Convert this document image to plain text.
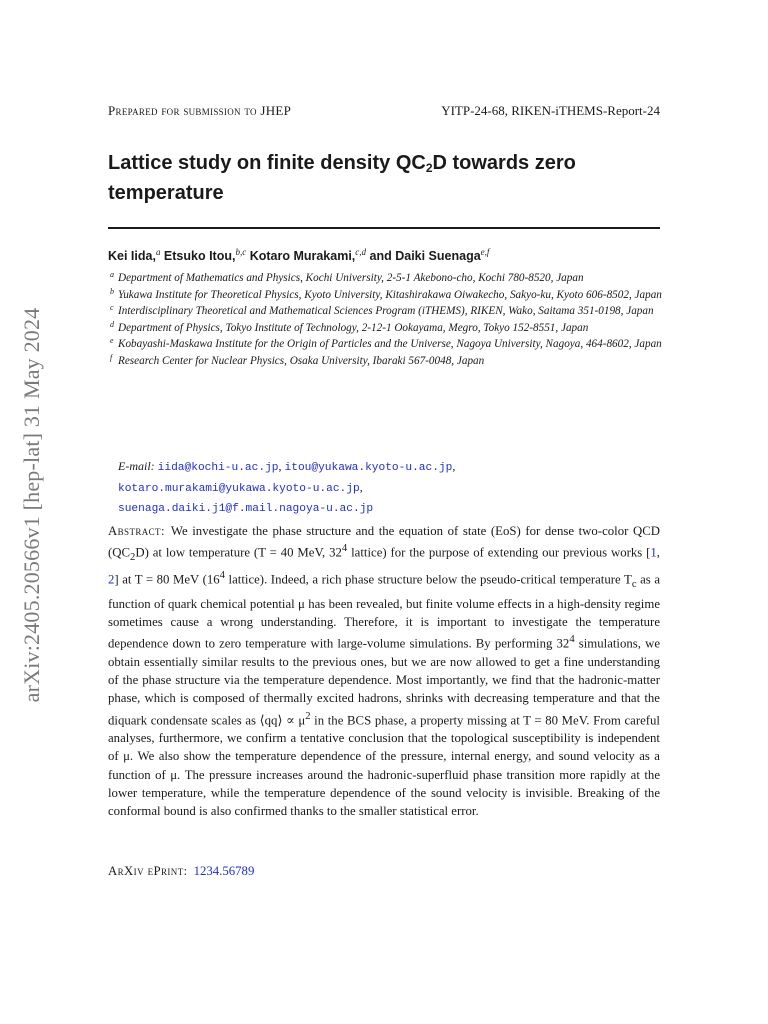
arXiv:2405.20566v1 [hep-lat] 31 May 2024
Prepared for submission to JHEP	YITP-24-68, RIKEN-iTHEMS-Report-24
Lattice study on finite density $QC_2D$ towards zero temperature
Kei Iida,$^a$ Etsuko Itou,$^{b,c}$ Kotaro Murakami,$^{c,d}$ and Daiki Suenaga$^{e,f}$
a Department of Mathematics and Physics, Kochi University, 2-5-1 Akebono-cho, Kochi 780-8520, Japan
b Yukawa Institute for Theoretical Physics, Kyoto University, Kitashirakawa Oiwakecho, Sakyo-ku, Kyoto 606-8502, Japan
c Interdisciplinary Theoretical and Mathematical Sciences Program (iTHEMS), RIKEN, Wako, Saitama 351-0198, Japan
d Department of Physics, Tokyo Institute of Technology, 2-12-1 Ookayama, Megro, Tokyo 152-8551, Japan
e Kobayashi-Maskawa Institute for the Origin of Particles and the Universe, Nagoya University, Nagoya, 464-8602, Japan
f Research Center for Nuclear Physics, Osaka University, Ibaraki 567-0048, Japan
E-mail: iida@kochi-u.ac.jp, itou@yukawa.kyoto-u.ac.jp,
kotaro.murakami@yukawa.kyoto-u.ac.jp,
suenaga.daiki.j1@f.mail.nagoya-u.ac.jp

Abstract: We investigate the phase structure and the equation of state (EoS) for dense two-color QCD $(QC_2D)$ at low temperature (T = 40 MeV, $32^4$ lattice) for the purpose of extending our previous works [1, 2] at T = 80 MeV ($16^4$ lattice). Indeed, a rich phase structure below the pseudo-critical temperature $T_c$ as a function of quark chemical potential μ has been revealed, but finite volume effects in a high-density regime sometimes cause a wrong understanding. Therefore, it is important to investigate the temperature dependence down to zero temperature with large-volume simulations. By performing $32^4$ simulations, we obtain essentially similar results to the previous ones, but we are now allowed to get a fine understanding of the phase structure via the temperature dependence. Most importantly, we find that the hadronic-matter phase, which is composed of thermally excited hadrons, shrinks with decreasing temperature and that the diquark condensate scales as ⟨qq⟩ ∝ $\mu^2$ in the BCS phase, a property missing at T = 80 MeV. From careful analyses, furthermore, we confirm a tentative conclusion that the topological susceptibility is independent of μ. We also show the temperature dependence of the pressure, internal energy, and sound velocity as a function of μ. The pressure increases around the hadronic-superfluid phase transition more rapidly at the lower temperature, while the temperature dependence of the sound velocity is invisible. Breaking of the conformal bound is also confirmed thanks to the smaller statistical error.

ArXiv ePrint: 1234.56789
